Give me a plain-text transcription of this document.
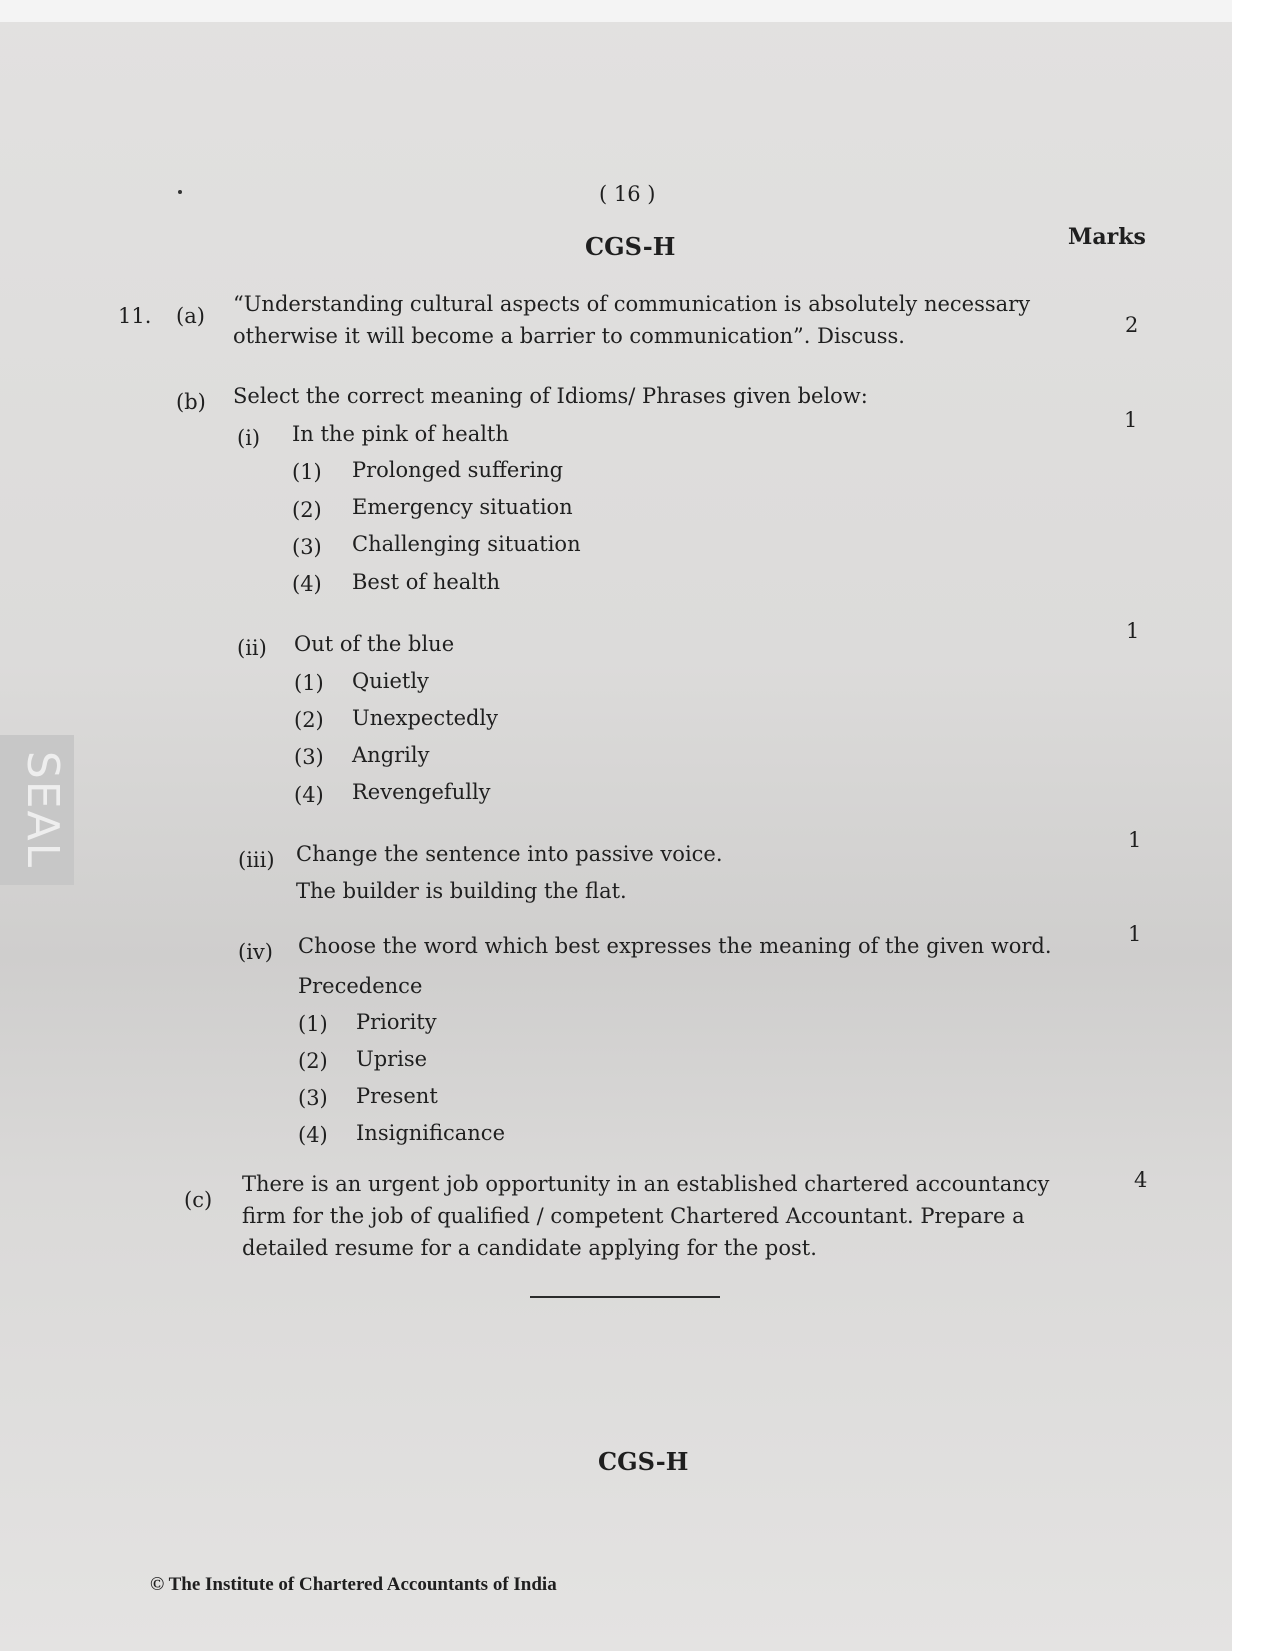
SEAL
( 16 )
CGS-H	Marks
11. (a) “Understanding cultural aspects of communication is absolutely necessary
otherwise it will become a barrier to communication”. Discuss.	2
(b) Select the correct meaning of Idioms/ Phrases given below:
(i) In the pink of health
1
(1) Prolonged suffering
(2) Emergency situation
(3) Challenging situation
(4) Best of health
(ii) Out of the blue
1
(1) Quietly
(2) Unexpectedly
(3) Angrily
(4) Revengefully
(iii) Change the sentence into passive voice.
The builder is building the flat.
1
(iv) Choose the word which best expresses the meaning of the given word.	1
Precedence
(1) Priority
(2) Uprise
(3) Present
(4) Insignificance
(c)
There is an urgent job opportunity in an established chartered accountancy
firm for the job of qualified / competent Chartered Accountant. Prepare a
detailed resume for a candidate applying for the post.
4
CGS-H
© The Institute of Chartered Accountants of India
